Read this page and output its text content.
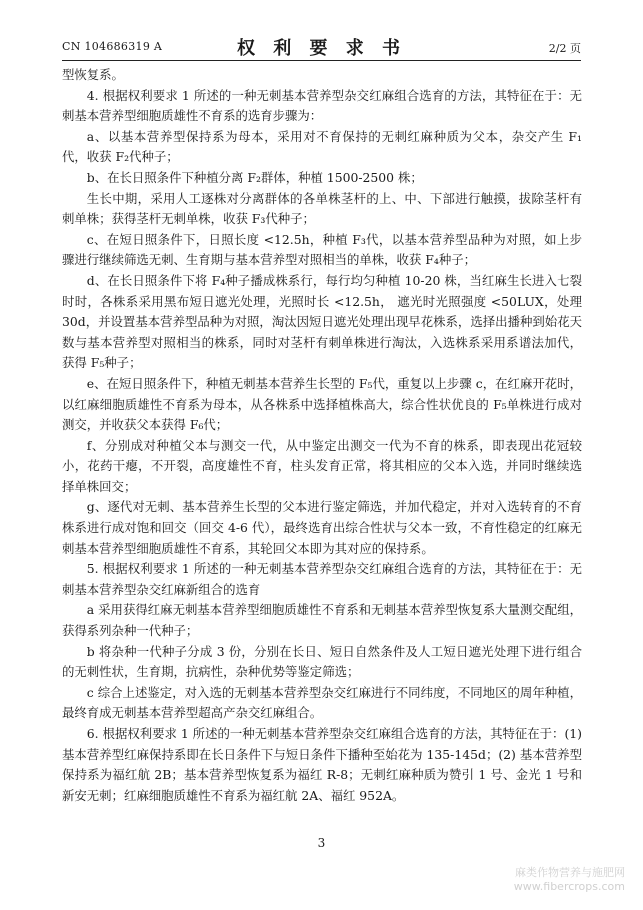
CN 104686319 A	权 利 要 求 书	2/2 页

型恢复系。

4. 根据权利要求 1 所述的一种无刺基本营养型杂交红麻组合选育的方法，其特征在于：无刺基本营养型细胞质雄性不育系的选育步骤为：

a、以基本营养型保持系为母本，采用对不育保持的无刺红麻种质为父本，杂交产生 F₁代，收获 F₂代种子；

b、在长日照条件下种植分离 F₂群体，种植 1500-2500 株；

生长中期，采用人工逐株对分离群体的各单株茎杆的上、中、下部进行触摸，拔除茎杆有刺单株；获得茎杆无刺单株，收获 F₃代种子；

c、在短日照条件下，日照长度 <12.5h，种植 F₃代，以基本营养型品种为对照，如上步骤进行继续筛选无刺、生育期与基本营养型对照相当的单株，收获 F₄种子；

d、在长日照条件下将 F₄种子播成株系行，每行均匀种植 10-20 株，当红麻生长进入七裂时时，各株系采用黑布短日遮光处理，光照时长 <12.5h， 遮光时光照强度 <50LUX，处理 30d，并设置基本营养型品种为对照，淘汰因短日遮光处理出现早花株系，选择出播种到始花天数与基本营养型对照相当的株系，同时对茎杆有刺单株进行淘汰，入选株系采用系谱法加代，获得 F₅种子；

e、在短日照条件下，种植无刺基本营养生长型的 F₅代，重复以上步骤 c，在红麻开花时，以红麻细胞质雄性不育系为母本，从各株系中选择植株高大，综合性状优良的 F₅单株进行成对测交，并收获父本获得 F₆代；

f、分别成对种植父本与测交一代，从中鉴定出测交一代为不育的株系，即表现出花冠较小，花药干瘪，不开裂，高度雄性不育，柱头发育正常，将其相应的父本入选，并同时继续选择单株回交；

g、逐代对无刺、基本营养生长型的父本进行鉴定筛选，并加代稳定，并对入选转育的不育株系进行成对饱和回交（回交 4-6 代），最终选育出综合性状与父本一致，不育性稳定的红麻无刺基本营养型细胞质雄性不育系，其轮回父本即为其对应的保持系。

5. 根据权利要求 1 所述的一种无刺基本营养型杂交红麻组合选育的方法，其特征在于：无刺基本营养型杂交红麻新组合的选育

a 采用获得红麻无刺基本营养型细胞质雄性不育系和无刺基本营养型恢复系大量测交配组，获得系列杂种一代种子；

b 将杂种一代种子分成 3 份，分别在长日、短日自然条件及人工短日遮光处理下进行组合的无刺性状，生育期，抗病性，杂种优势等鉴定筛选；

c 综合上述鉴定，对入选的无刺基本营养型杂交红麻进行不同纬度，不同地区的周年种植，最终育成无刺基本营养型超高产杂交红麻组合。

6. 根据权利要求 1 所述的一种无刺基本营养型杂交红麻组合选育的方法，其特征在于：(1) 基本营养型红麻保持系即在长日条件下与短日条件下播种至始花为 135-145d；(2) 基本营养型保持系为福红航 2B；基本营养型恢复系为福红 R-8；无刺红麻种质为赞引 1 号、金光 1 号和新安无刺；红麻细胞质雄性不育系为福红航 2A、福红 952A。

3
麻类作物营养与施肥网
www.fibercrops.com
